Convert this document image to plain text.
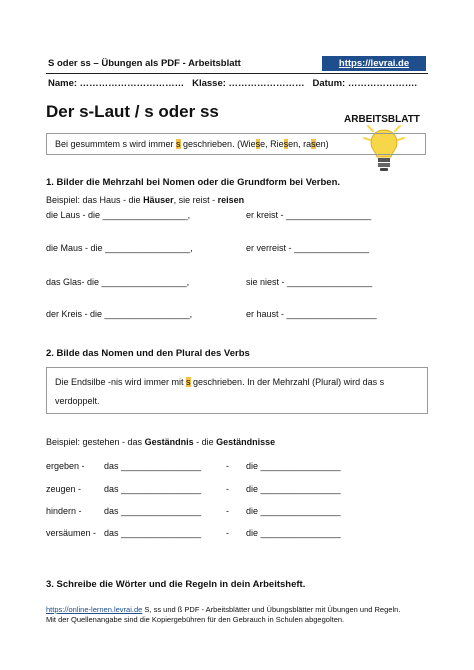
S oder ss – Übungen als PDF - Arbeitsblatt	https://levrai.de
Name: …………………………… Klasse: …………………… Datum: ………………….
Der s-Laut / s oder ss	ARBEITSBLATT
Bei gesummtem s wird immer s geschrieben. (Wiese, Riesen, rasen)
1. Bilder die Mehrzahl bei Nomen oder die Grundform bei Verben.
Beispiel: das Haus - die Häuser, sie reist - reisen
die Laus - die _________________,	er kreist - _________________
die Maus - die _________________,	er verreist - _______________
das Glas- die _________________,	sie niest - _________________
der Kreis - die _________________,	er haust - __________________
2. Bilde das Nomen und den Plural des Verbs
Die Endsilbe -nis wird immer mit s geschrieben. In der Mehrzahl (Plural) wird das s
verdoppelt.
Beispiel: gestehen - das Geständnis - die Geständnisse
ergeben - das ________________	- die ________________
zeugen -	das ________________	- die ________________
hindern - das ________________	- die ________________
versäumen - das ________________	- die ________________
3. Schreibe die Wörter und die Regeln in dein Arbeitsheft.
https://online-lernen.levrai.de S, ss und ß PDF - Arbeitsblätter und Übungsblätter mit Übungen und Regeln.
Mit der Quellenangabe sind die Kopiergebühren für den Gebrauch in Schulen abgegolten.
